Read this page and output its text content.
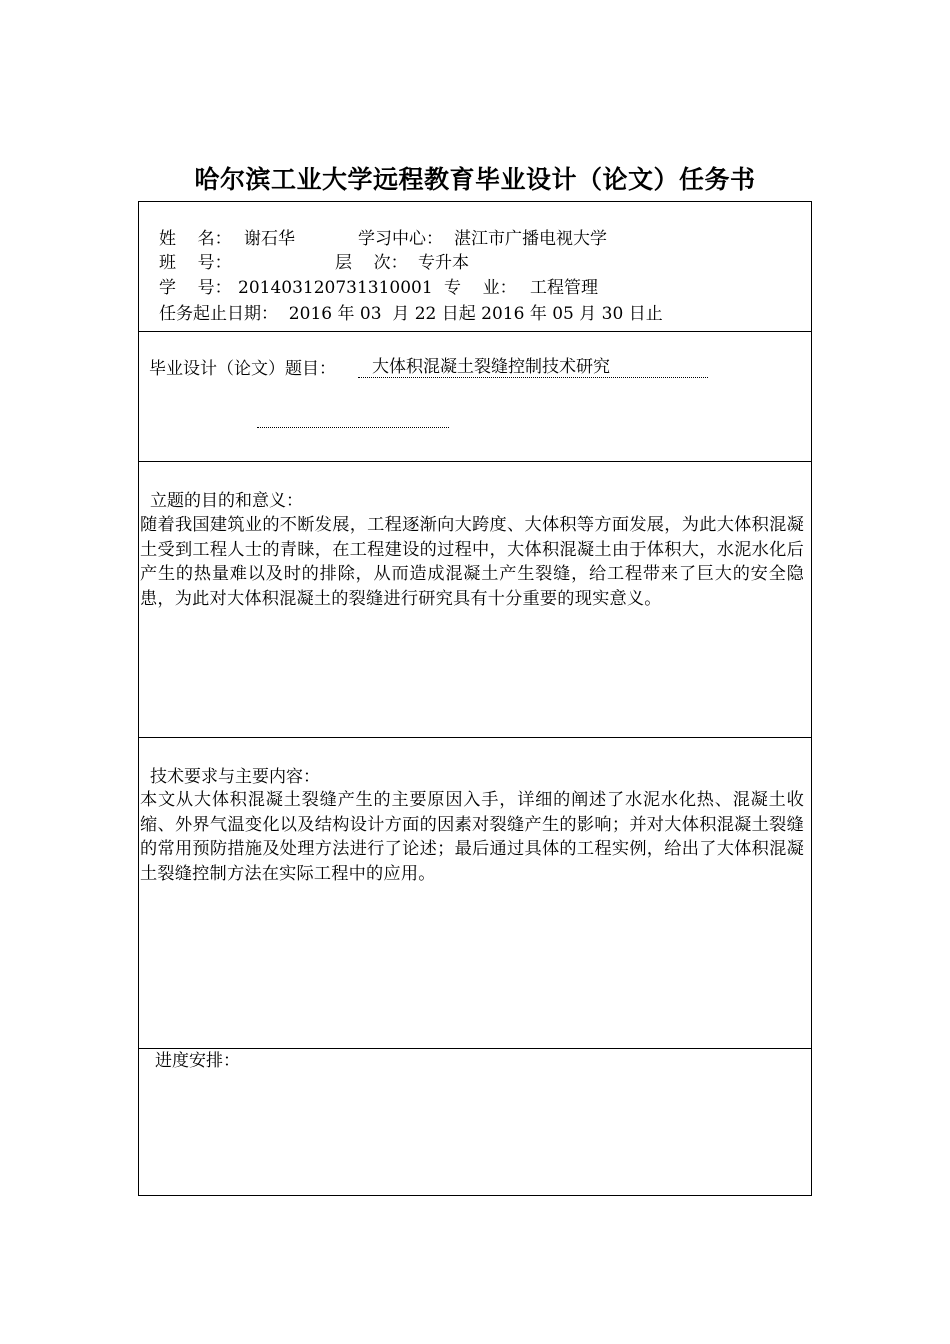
哈尔滨工业大学远程教育毕业设计（论文）任务书
姓    名： 谢石华	学习中心： 湛江市广播电视大学
班    号：	层    次： 专升本
学    号： 201403120731310001 专    业： 工程管理
任务起止日期：  2016 年 03  月 22 日起 2016 年 05 月 30 日止
毕业设计（论文）题目：	大体积混凝土裂缝控制技术研究
立题的目的和意义：
随着我国建筑业的不断发展，工程逐渐向大跨度、大体积等方面发展，为此大体积混凝土受到工程人士的青睐，在工程建设的过程中，大体积混凝土由于体积大，水泥水化后产生的热量难以及时的排除，从而造成混凝土产生裂缝，给工程带来了巨大的安全隐患，为此对大体积混凝土的裂缝进行研究具有十分重要的现实意义。
技术要求与主要内容：
本文从大体积混凝土裂缝产生的主要原因入手，详细的阐述了水泥水化热、混凝土收缩、外界气温变化以及结构设计方面的因素对裂缝产生的影响；并对大体积混凝土裂缝的常用预防措施及处理方法进行了论述；最后通过具体的工程实例，给出了大体积混凝土裂缝控制方法在实际工程中的应用。
进度安排：
